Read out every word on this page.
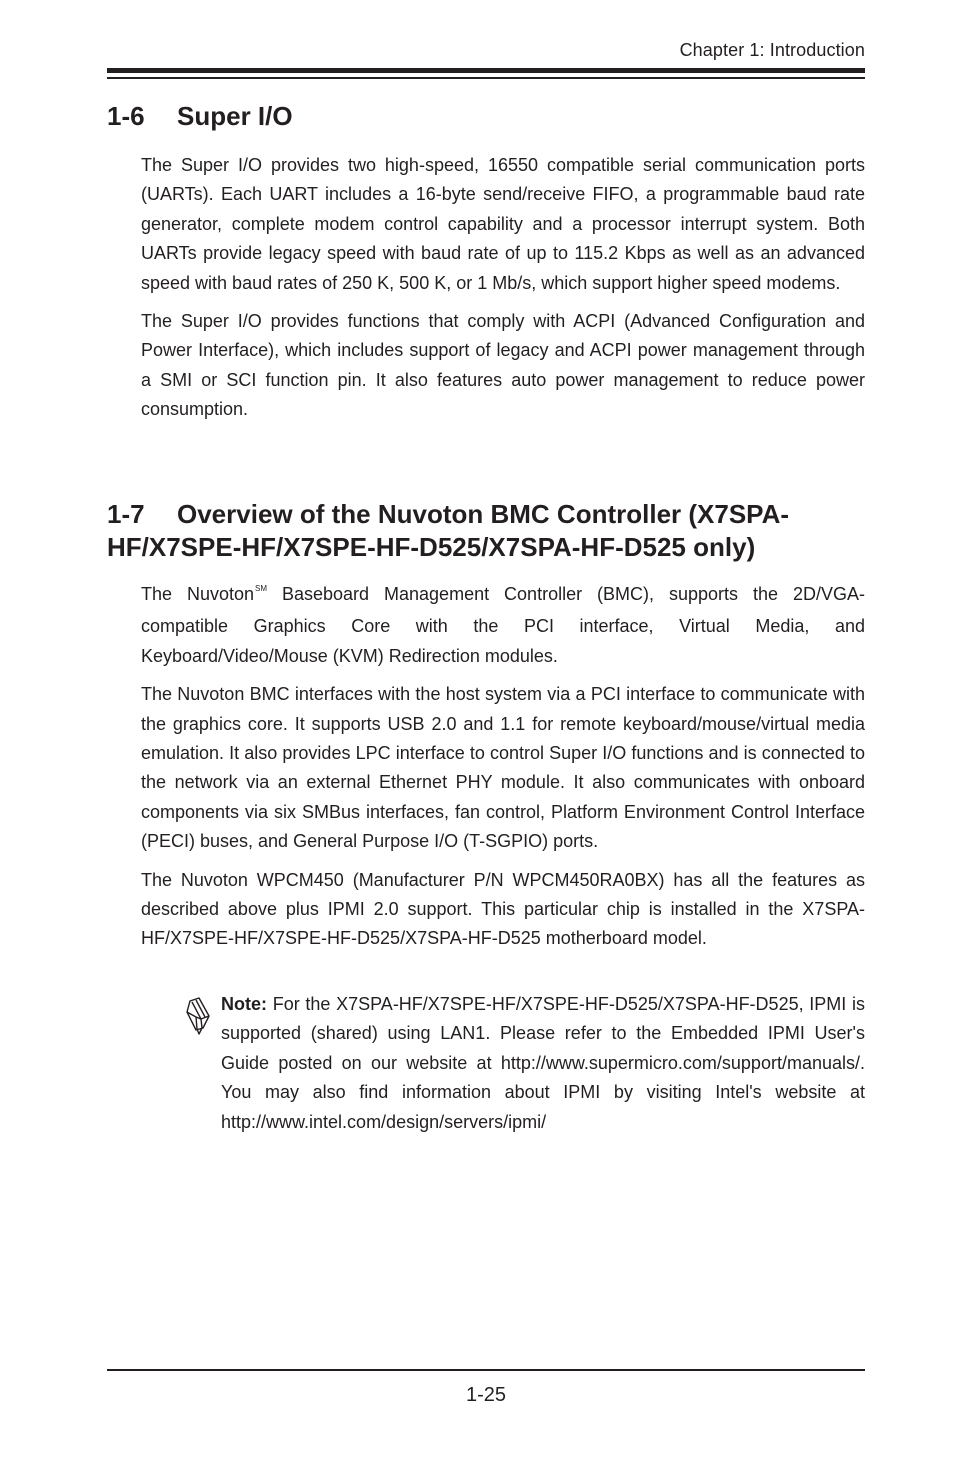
Chapter 1: Introduction
1-6 Super I/O

The Super I/O provides two high-speed, 16550 compatible serial communication ports (UARTs). Each UART includes a 16-byte send/receive FIFO, a programmable baud rate generator, complete modem control capability and a processor interrupt system. Both UARTs provide legacy speed with baud rate of up to 115.2 Kbps as well as an advanced speed with baud rates of 250 K, 500 K, or 1 Mb/s, which support higher speed modems.

The Super I/O provides functions that comply with ACPI (Advanced Configuration and Power Interface), which includes support of legacy and ACPI power management through a SMI or SCI function pin. It also features auto power management to reduce power consumption.

1-7 Overview of the Nuvoton BMC Controller (X7SPA-HF/X7SPE-HF/X7SPE-HF-D525/X7SPA-HF-D525 only)

The Nuvoton℠ Baseboard Management Controller (BMC), supports the 2D/VGA-compatible Graphics Core with the PCI interface, Virtual Media, and Keyboard/Video/Mouse (KVM) Redirection modules.

The Nuvoton BMC interfaces with the host system via a PCI interface to communicate with the graphics core. It supports USB 2.0 and 1.1 for remote keyboard/mouse/virtual media emulation. It also provides LPC interface to control Super I/O functions and is connected to the network via an external Ethernet PHY module. It also communicates with onboard components via six SMBus interfaces, fan control, Platform Environment Control Interface (PECI) buses, and General Purpose I/O (T-SGPIO) ports.

The Nuvoton WPCM450 (Manufacturer P/N WPCM450RA0BX) has all the features as described above plus IPMI 2.0 support. This particular chip is installed in the X7SPA-HF/X7SPE-HF/X7SPE-HF-D525/X7SPA-HF-D525 motherboard model.

Note: For the X7SPA-HF/X7SPE-HF/X7SPE-HF-D525/X7SPA-HF-D525, IPMI is supported (shared) using LAN1. Please refer to the Embedded IPMI User's Guide posted on our website at http://www.supermicro.com/support/manuals/. You may also find information about IPMI by visiting Intel's website at http://www.intel.com/design/servers/ipmi/

1-25
